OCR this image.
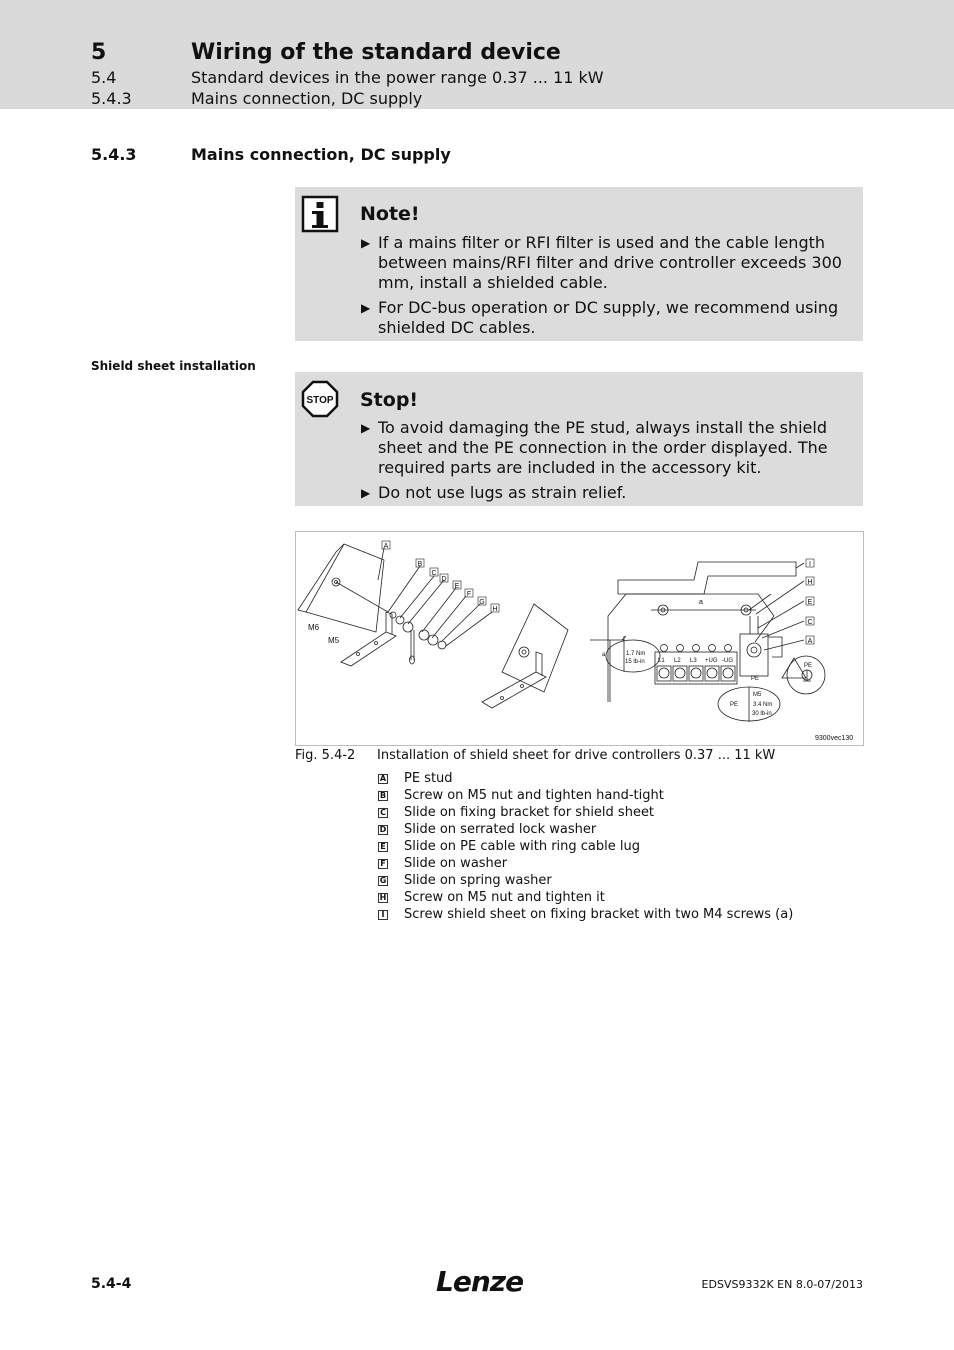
5	Wiring of the standard device
5.4	Standard devices in the power range 0.37 ... 11 kW
5.4.3	Mains connection, DC supply
5.4.3	Mains connection, DC supply
Note!
▶ If a mains filter or RFI filter is used and the cable length between mains/RFI filter and drive controller exceeds 300 mm, install a shielded cable.
▶ For DC-bus operation or DC supply, we recommend using shielded DC cables.
Shield sheet installation
STOP Stop!
▶ To avoid damaging the PE stud, always install the shield sheet and the PE connection in the order displayed. The required parts are included in the accessory kit.
▶ Do not use lugs as strain relief.
A
B
C
D
E
F
G
H
I
H
E
C
A
M6
M5
a
a	1.7 Nm
15 lb-in
M5
3.4 Nm
30 lb-in
PE
PE
PE
L1 L2 L3 +UG -UG
9300vec130
Fig. 5.4-2 Installation of shield sheet for drive controllers 0.37 ... 11 kW
A PE stud
B Screw on M5 nut and tighten hand-tight
C Slide on fixing bracket for shield sheet
D Slide on serrated lock washer
E Slide on PE cable with ring cable lug
F Slide on washer
G Slide on spring washer
H Screw on M5 nut and tighten it
I Screw shield sheet on fixing bracket with two M4 screws (a)
5.4-4	Lenze	EDSVS9332K EN 8.0-07/2013
